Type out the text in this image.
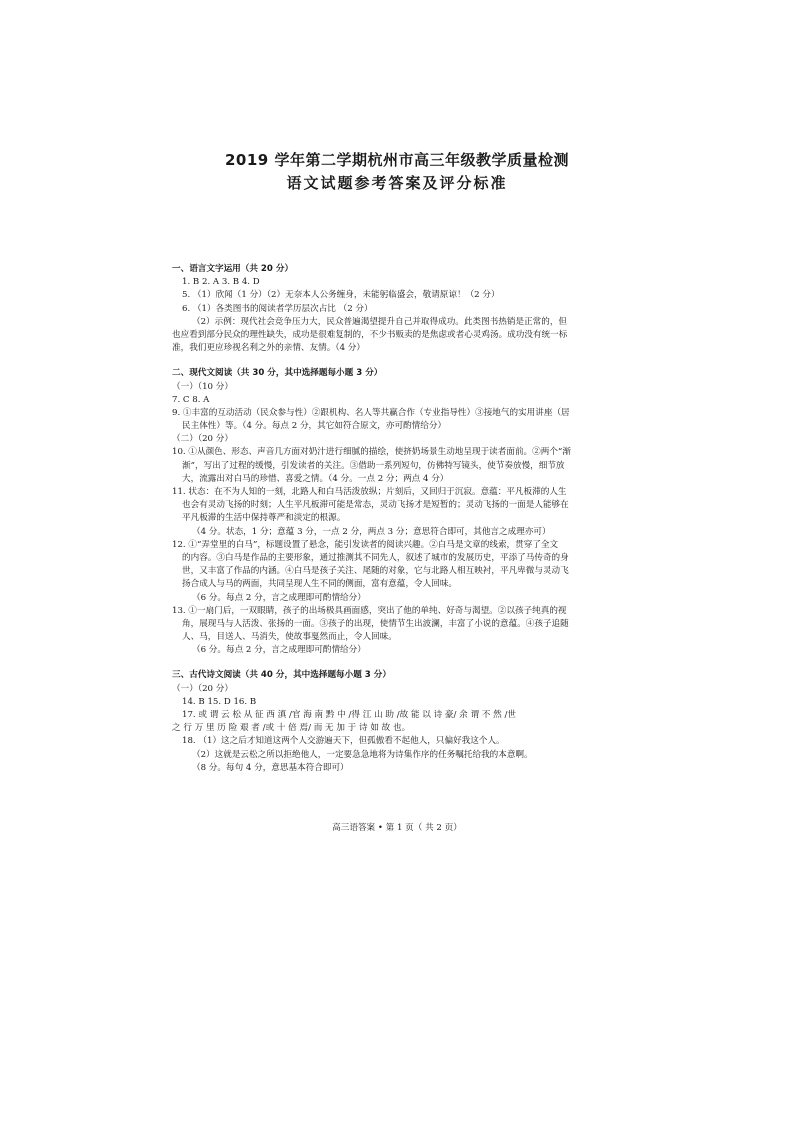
2019 学年第二学期杭州市高三年级教学质量检测
语文试题参考答案及评分标准
一、语言文字运用（共 20 分）
1. B 2. A 3. B 4. D
5. （1）欣闻（1 分）（2）无奈本人公务缠身，未能躬临盛会，敬请原谅！（2 分）
6. （1）各类图书的阅读者学历层次占比 （2 分）
（2）示例：现代社会竞争压力大，民众普遍渴望提升自己并取得成功。此类图书热销是正常的，但
也应看到部分民众的理性缺失，成功是很难复制的，不少书贩卖的是焦虑或者心灵鸡汤。成功没有统一标
准，我们更应珍视名利之外的亲情、友情。（4 分）
二、现代文阅读（共 30 分，其中选择题每小题 3 分）
（一）（10 分）
7. C 8. A
9. ①丰富的互动活动（民众参与性）②跟机构、名人等共赢合作（专业指导性）③接地气的实用讲座（居
民主体性）等。（4 分。每点 2 分，其它如符合原文，亦可酌情给分）
（二）（20 分）
10. ①从颜色、形态、声音几方面对奶汁进行细腻的描绘，使挤奶场景生动地呈现于读者面前。②两个“渐
渐”，写出了过程的缓慢，引发读者的关注。③借助一系列短句，仿佛特写镜头，使节奏放慢，细节放
大，流露出对白马的珍惜、喜爱之情。（4 分。一点 2 分；两点 4 分）
11. 状态：在不为人知的一刻，北路人和白马活泼放纵；片刻后，又回归于沉寂。意蕴：平凡板滞的人生
也会有灵动飞扬的时刻；人生平凡板滞可能是常态，灵动飞扬才是短暂的；灵动飞扬的一面是人能够在
平凡板滞的生活中保持尊严和淡定的根源。
（4 分。状态，1 分；意蕴 3 分，一点 2 分，两点 3 分；意思符合即可，其他言之成理亦可）
12. ①“弄堂里的白马”，标题设置了悬念，能引发读者的阅读兴趣。②白马是文章的线索，贯穿了全文
的内容。③白马是作品的主要形象，通过推测其不同先人，叙述了城市的发展历史，平添了马传奇的身
世，又丰富了作品的内涵。④白马是孩子关注、尾随的对象，它与北路人相互映衬，平凡卑微与灵动飞
扬合成人与马的两面，共同呈现人生不同的侧面，富有意蕴，令人回味。
（6 分。每点 2 分，言之成理即可酌情给分）
13. ①一扇门后，一双眼睛，孩子的出场极具画面感，突出了他的单纯、好奇与渴望。②以孩子纯真的视
角，展现马与人活泼、张扬的一面。③孩子的出现，使情节生出波澜，丰富了小说的意蕴。④孩子追随
人、马，目送人、马消失，使故事戛然而止，令人回味。
（6 分。每点 2 分，言之成理即可酌情给分）
三、古代诗文阅读（共 40 分，其中选择题每小题 3 分）
（一）（20 分）
14. B 15. D 16. B
17. 或 谓 云 松 从 征 西 滇 /官 海 南 黔 中 /得 江 山 助 /故 能 以 诗 豪/ 余 谓 不 然 /世
之 行 万 里 历 险 艰 者 /或 十 倍 焉/ 而 无 加 于 诗 如 故 也。
18. （1）这之后才知道这两个人交游遍天下，但孤傲看不起他人，只偏好我这个人。
（2）这就是云松之所以拒绝他人，一定要急急地将为诗集作序的任务嘱托给我的本意啊。
（8 分。每句 4 分，意思基本符合即可）
高三语答案 • 第 1 页（ 共 2 页）
